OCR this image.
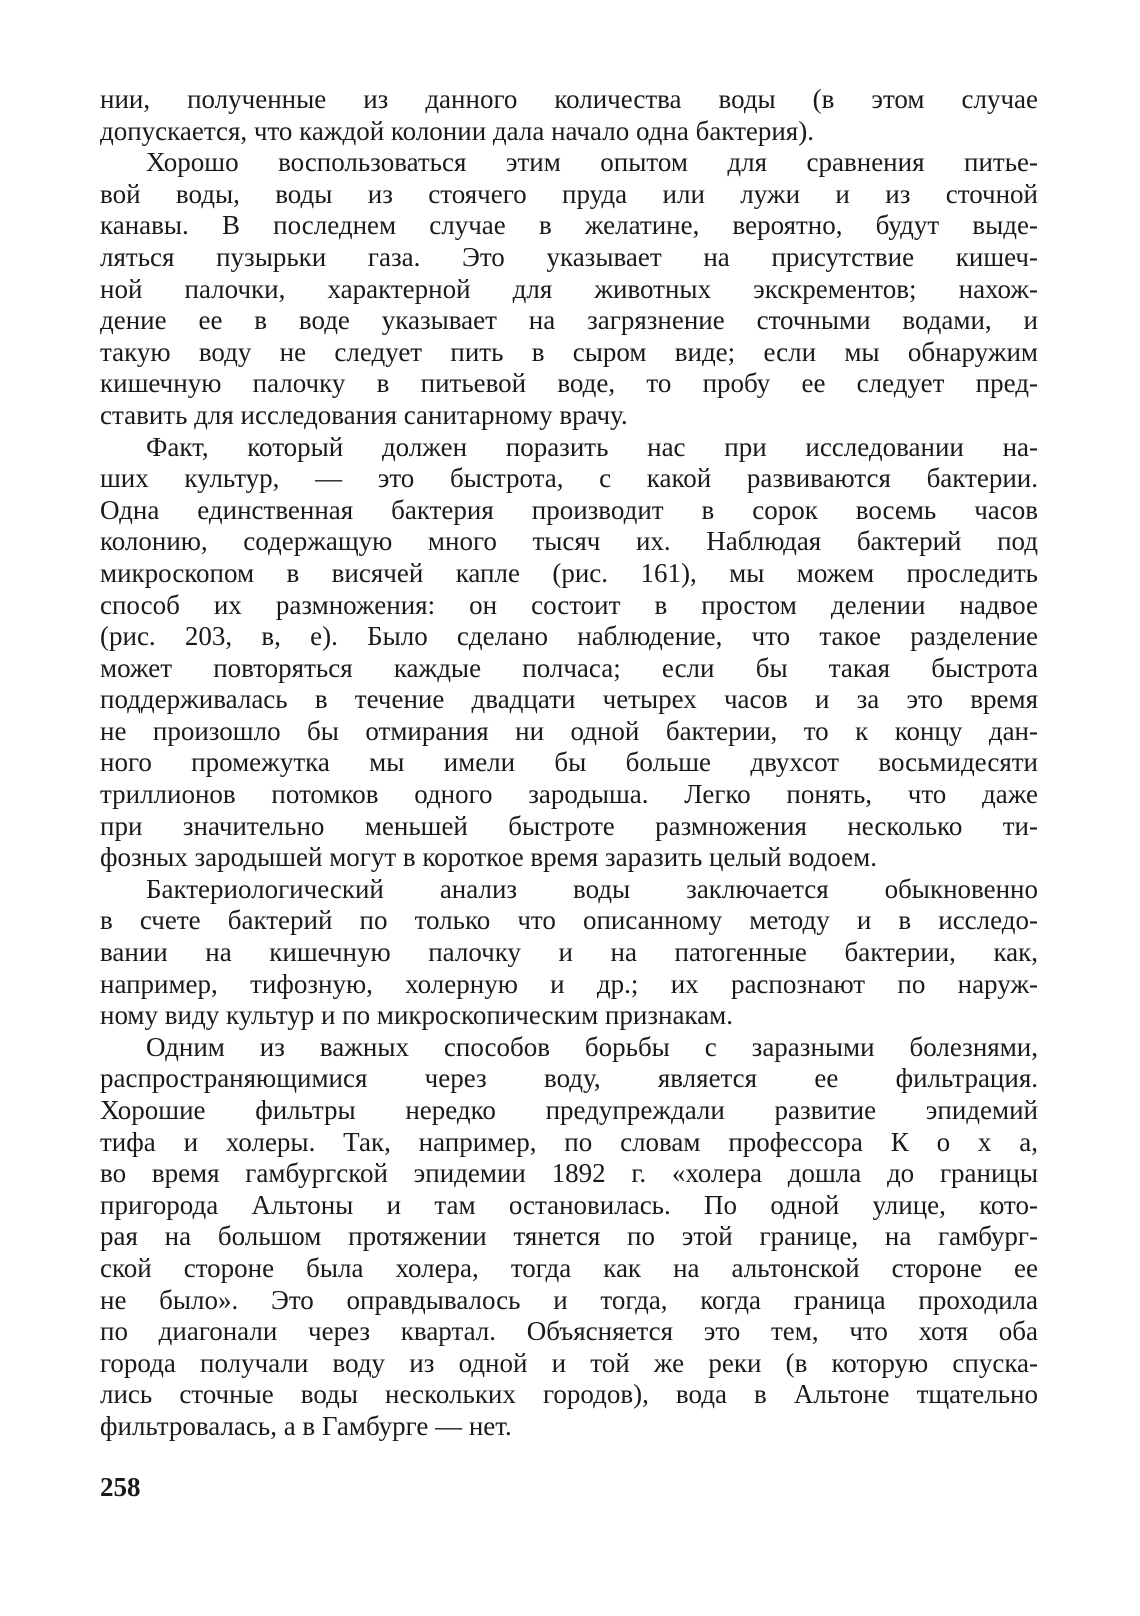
нии, полученные из данного количества воды (в этом случае
допускается, что каждой колонии дала начало одна бактерия).
Хорошо воспользоваться этим опытом для сравнения питье-
вой воды, воды из стоячего пруда или лужи и из сточной
канавы. В последнем случае в желатине, вероятно, будут выде-
ляться пузырьки газа. Это указывает на присутствие кишеч-
ной палочки, характерной для животных экскрементов; нахож-
дение ее в воде указывает на загрязнение сточными водами, и
такую воду не следует пить в сыром виде; если мы обнаружим
кишечную палочку в питьевой воде, то пробу ее следует пред-
ставить для исследования санитарному врачу.
Факт, который должен поразить нас при исследовании на-
ших культур, — это быстрота, с какой развиваются бактерии.
Одна единственная бактерия производит в сорок восемь часов
колонию, содержащую много тысяч их. Наблюдая бактерий под
микроскопом в висячей капле (рис. 161), мы можем проследить
способ их размножения: он состоит в простом делении надвое
(рис. 203, в, е). Было сделано наблюдение, что такое разделение
может повторяться каждые полчаса; если бы такая быстрота
поддерживалась в течение двадцати четырех часов и за это время
не произошло бы отмирания ни одной бактерии, то к концу дан-
ного промежутка мы имели бы больше двухсот восьмидесяти
триллионов потомков одного зародыша. Легко понять, что даже
при значительно меньшей быстроте размножения несколько ти-
фозных зародышей могут в короткое время заразить целый водоем.
Бактериологический анализ воды заключается обыкновенно
в счете бактерий по только что описанному методу и в исследо-
вании на кишечную палочку и на патогенные бактерии, как,
например, тифозную, холерную и др.; их распознают по наруж-
ному виду культур и по микроскопическим признакам.
Одним из важных способов борьбы с заразными болезнями,
распространяющимися через воду, является ее фильтрация.
Хорошие фильтры нередко предупреждали развитие эпидемий
тифа и холеры. Так, например, по словам профессора К о х а,
во время гамбургской эпидемии 1892 г. «холера дошла до границы
пригорода Альтоны и там остановилась. По одной улице, кото-
рая на большом протяжении тянется по этой границе, на гамбург-
ской стороне была холера, тогда как на альтонской стороне ее
не было». Это оправдывалось и тогда, когда граница проходила
по диагонали через квартал. Объясняется это тем, что хотя оба
города получали воду из одной и той же реки (в которую спуска-
лись сточные воды нескольких городов), вода в Альтоне тщательно
фильтровалась, а в Гамбурге — нет.
258
